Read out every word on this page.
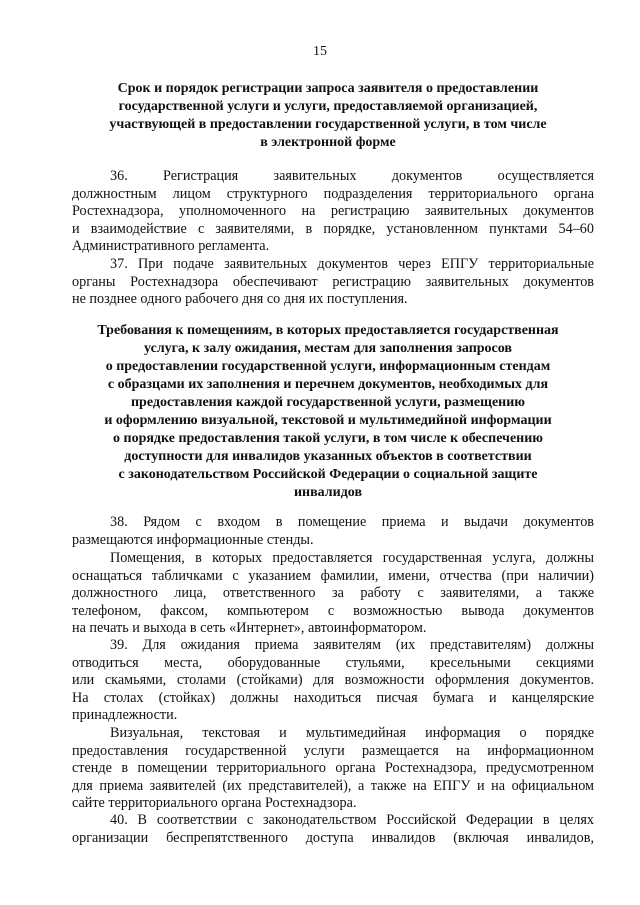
15
Срок и порядок регистрации запроса заявителя о предоставлении
государственной услуги и услуги, предоставляемой организацией,
участвующей в предоставлении государственной услуги, в том числе
в электронной форме
36. Регистрация заявительных документов осуществляется
должностным лицом структурного подразделения территориального органа
Ростехнадзора, уполномоченного на регистрацию заявительных документов
и взаимодействие с заявителями, в порядке, установленном пунктами 54–60
Административного регламента.
37. При подаче заявительных документов через ЕПГУ территориальные
органы Ростехнадзора обеспечивают регистрацию заявительных документов
не позднее одного рабочего дня со дня их поступления.
Требования к помещениям, в которых предоставляется государственная
услуга, к залу ожидания, местам для заполнения запросов
о предоставлении государственной услуги, информационным стендам
с образцами их заполнения и перечнем документов, необходимых для
предоставления каждой государственной услуги, размещению
и оформлению визуальной, текстовой и мультимедийной информации
о порядке предоставления такой услуги, в том числе к обеспечению
доступности для инвалидов указанных объектов в соответствии
с законодательством Российской Федерации о социальной защите
инвалидов
38. Рядом с входом в помещение приема и выдачи документов
размещаются информационные стенды.
Помещения, в которых предоставляется государственная услуга, должны
оснащаться табличками с указанием фамилии, имени, отчества (при наличии)
должностного лица, ответственного за работу с заявителями, а также
телефоном, факсом, компьютером с возможностью вывода документов
на печать и выхода в сеть «Интернет», автоинформатором.
39. Для ожидания приема заявителям (их представителям) должны
отводиться места, оборудованные стульями, кресельными секциями
или скамьями, столами (стойками) для возможности оформления документов.
На столах (стойках) должны находиться писчая бумага и канцелярские
принадлежности.
Визуальная, текстовая и мультимедийная информация о порядке
предоставления государственной услуги размещается на информационном
стенде в помещении территориального органа Ростехнадзора, предусмотренном
для приема заявителей (их представителей), а также на ЕПГУ и на официальном
сайте территориального органа Ростехнадзора.
40. В соответствии с законодательством Российской Федерации в целях
организации беспрепятственного доступа инвалидов (включая инвалидов,
